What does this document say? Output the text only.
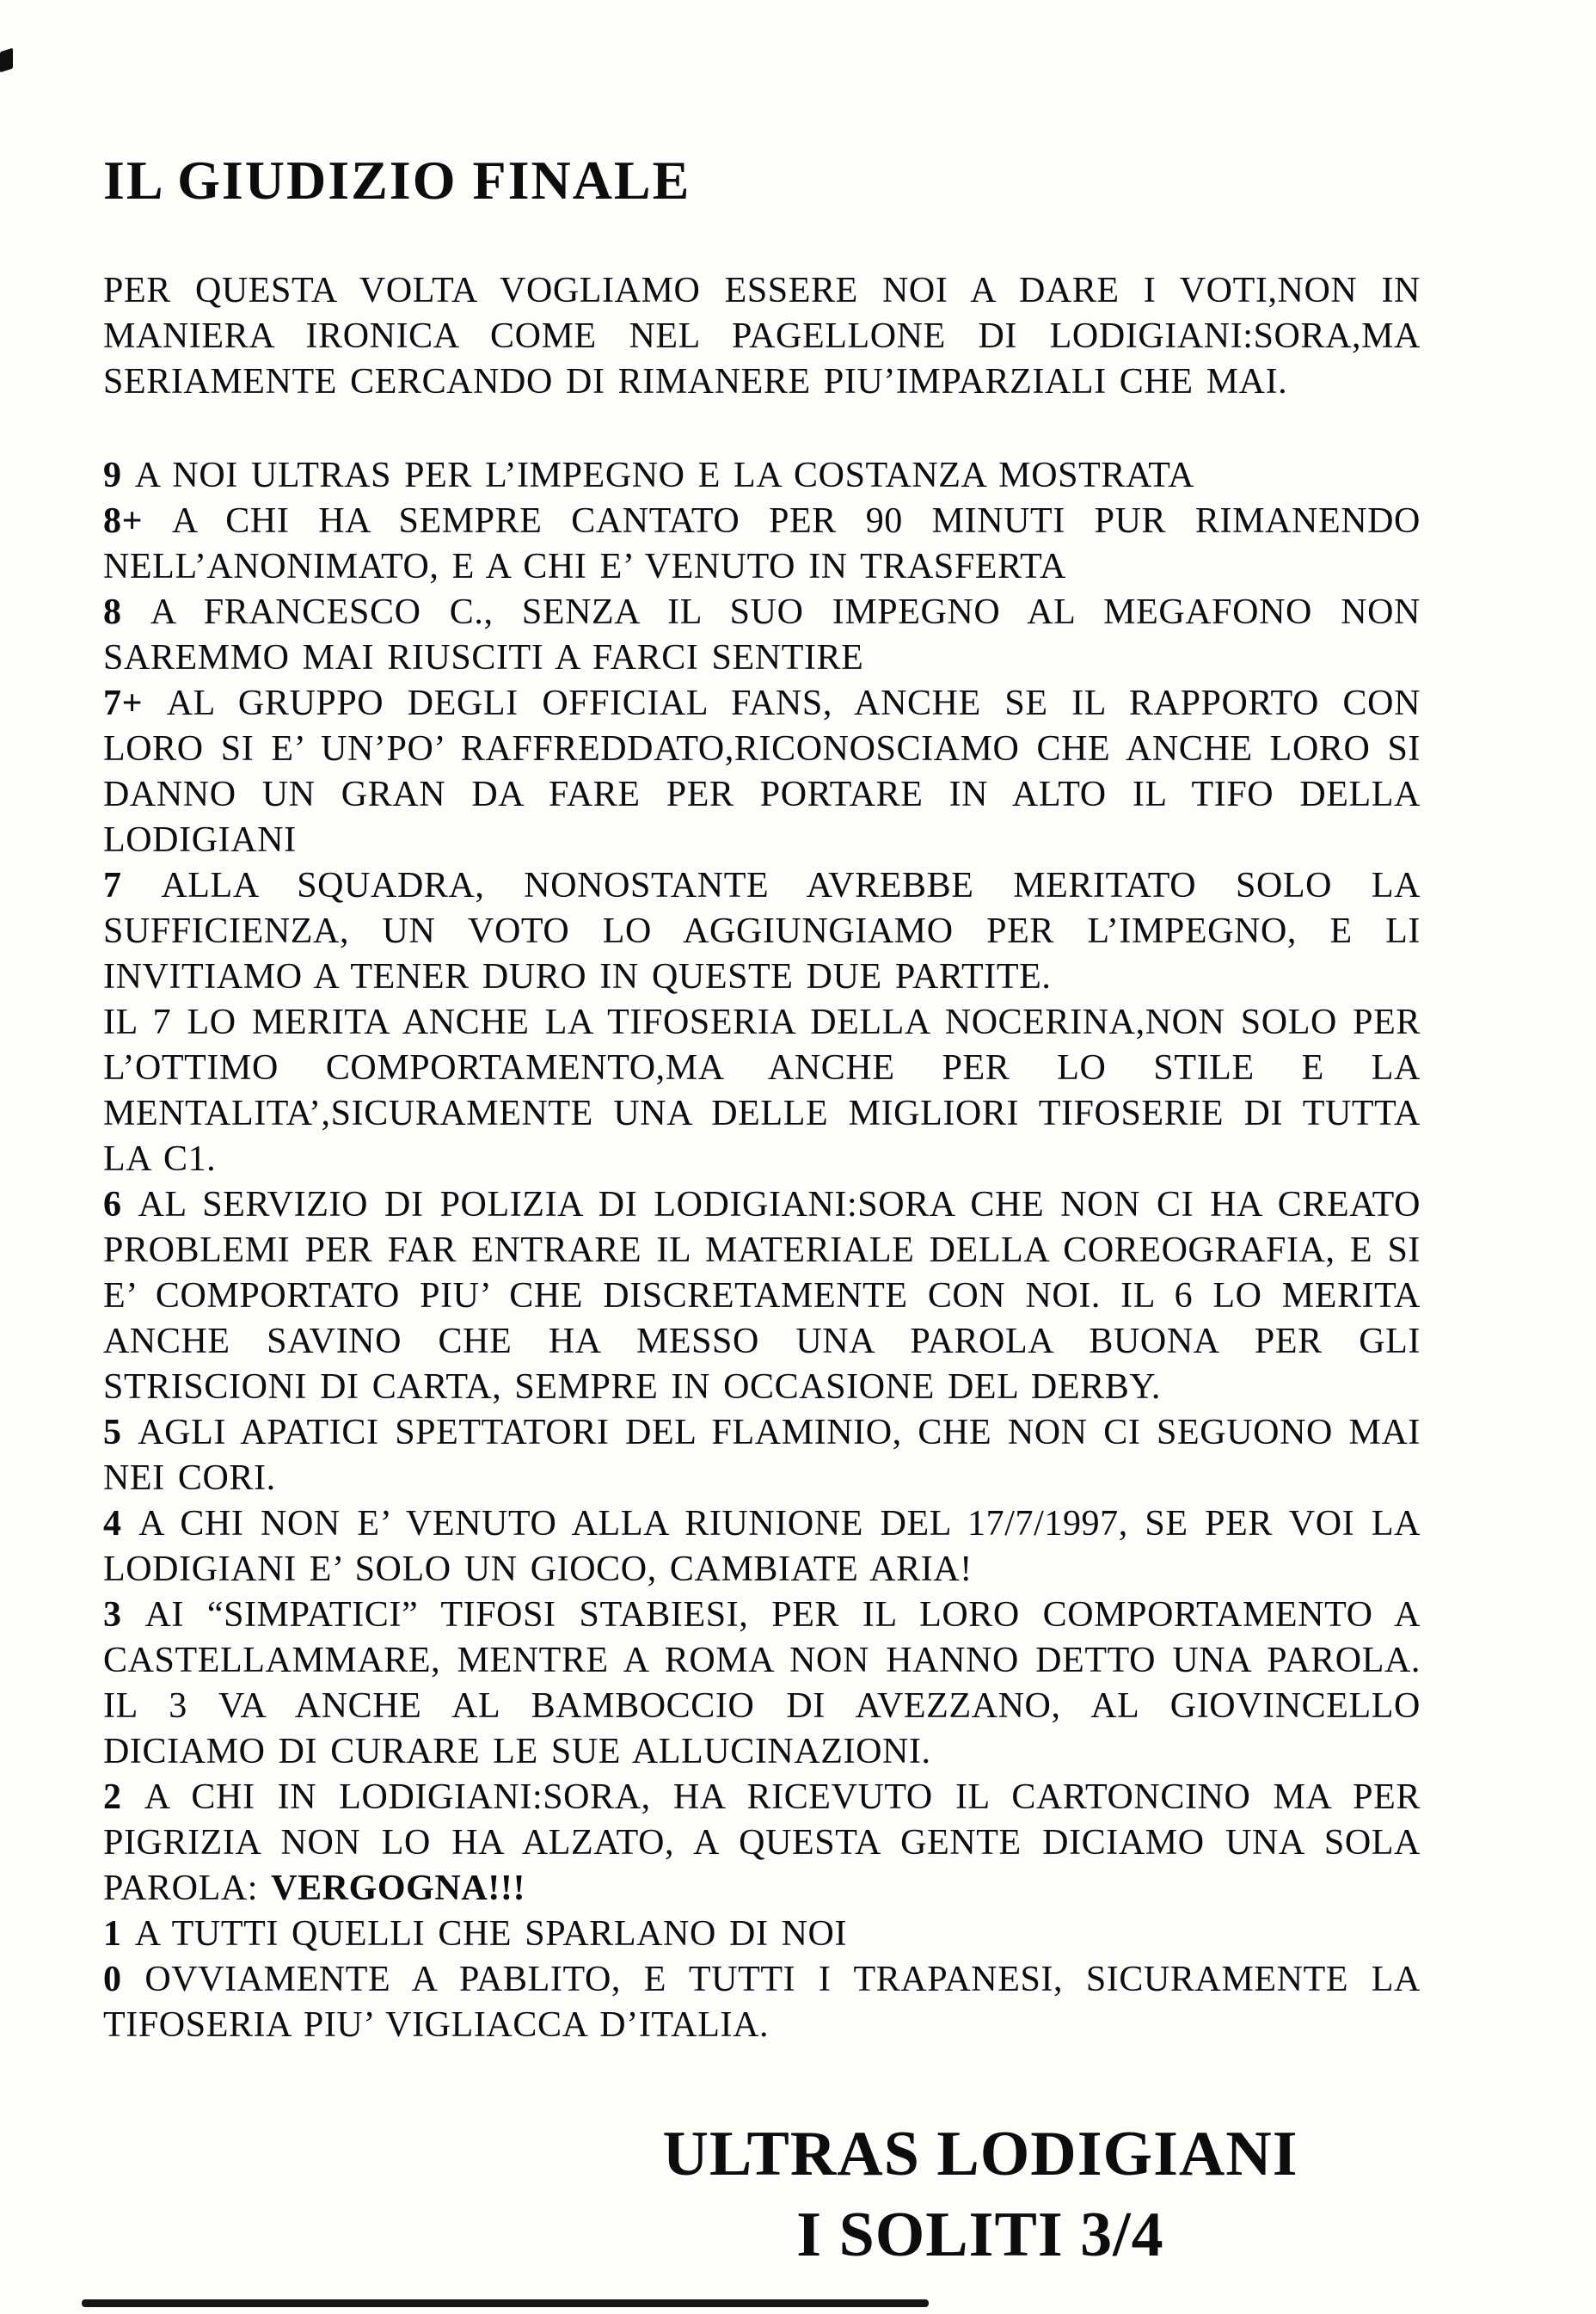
IL GIUDIZIO FINALE

PER QUESTA VOLTA VOGLIAMO ESSERE NOI A DARE I VOTI,NON IN MANIERA IRONICA COME NEL PAGELLONE DI LODIGIANI:SORA,MA SERIAMENTE CERCANDO DI RIMANERE PIU’IMPARZIALI CHE MAI.

9 A NOI ULTRAS PER L’IMPEGNO E LA COSTANZA MOSTRATA

8+ A CHI HA SEMPRE CANTATO PER 90 MINUTI PUR RIMANENDO NELL’ANONIMATO, E A CHI E’ VENUTO IN TRASFERTA

8 A FRANCESCO C., SENZA IL SUO IMPEGNO AL MEGAFONO NON SAREMMO MAI RIUSCITI A FARCI SENTIRE

7+ AL GRUPPO DEGLI OFFICIAL FANS, ANCHE SE IL RAPPORTO CON LORO SI E’ UN’PO’ RAFFREDDATO,RICONOSCIAMO CHE ANCHE LORO SI DANNO UN GRAN DA FARE PER PORTARE IN ALTO IL TIFO DELLA LODIGIANI

7 ALLA SQUADRA, NONOSTANTE AVREBBE MERITATO SOLO LA SUFFICIENZA, UN VOTO LO AGGIUNGIAMO PER L’IMPEGNO, E LI INVITIAMO A TENER DURO IN QUESTE DUE PARTITE.

IL 7 LO MERITA ANCHE LA TIFOSERIA DELLA NOCERINA,NON SOLO PER L’OTTIMO COMPORTAMENTO,MA ANCHE PER LO STILE E LA MENTALITA’,SICURAMENTE UNA DELLE MIGLIORI TIFOSERIE DI TUTTA LA C1.

6 AL SERVIZIO DI POLIZIA DI LODIGIANI:SORA CHE NON CI HA CREATO PROBLEMI PER FAR ENTRARE IL MATERIALE DELLA COREOGRAFIA, E SI E’ COMPORTATO PIU’ CHE DISCRETAMENTE CON NOI. IL 6 LO MERITA ANCHE SAVINO CHE HA MESSO UNA PAROLA BUONA PER GLI STRISCIONI DI CARTA, SEMPRE IN OCCASIONE DEL DERBY.

5 AGLI APATICI SPETTATORI DEL FLAMINIO, CHE NON CI SEGUONO MAI NEI CORI.

4 A CHI NON E’ VENUTO ALLA RIUNIONE DEL 17/7/1997, SE PER VOI LA LODIGIANI E’ SOLO UN GIOCO, CAMBIATE ARIA!

3 AI “SIMPATICI” TIFOSI STABIESI, PER IL LORO COMPORTAMENTO A CASTELLAMMARE, MENTRE A ROMA NON HANNO DETTO UNA PAROLA. IL 3 VA ANCHE AL BAMBOCCIO DI AVEZZANO, AL GIOVINCELLO DICIAMO DI CURARE LE SUE ALLUCINAZIONI.

2 A CHI IN LODIGIANI:SORA, HA RICEVUTO IL CARTONCINO MA PER PIGRIZIA NON LO HA ALZATO, A QUESTA GENTE DICIAMO UNA SOLA PAROLA: VERGOGNA!!!

1 A TUTTI QUELLI CHE SPARLANO DI NOI

0 OVVIAMENTE A PABLITO, E TUTTI I TRAPANESI, SICURAMENTE LA TIFOSERIA PIU’ VIGLIACCA D’ITALIA.

ULTRAS LODIGIANI
I SOLITI 3/4
